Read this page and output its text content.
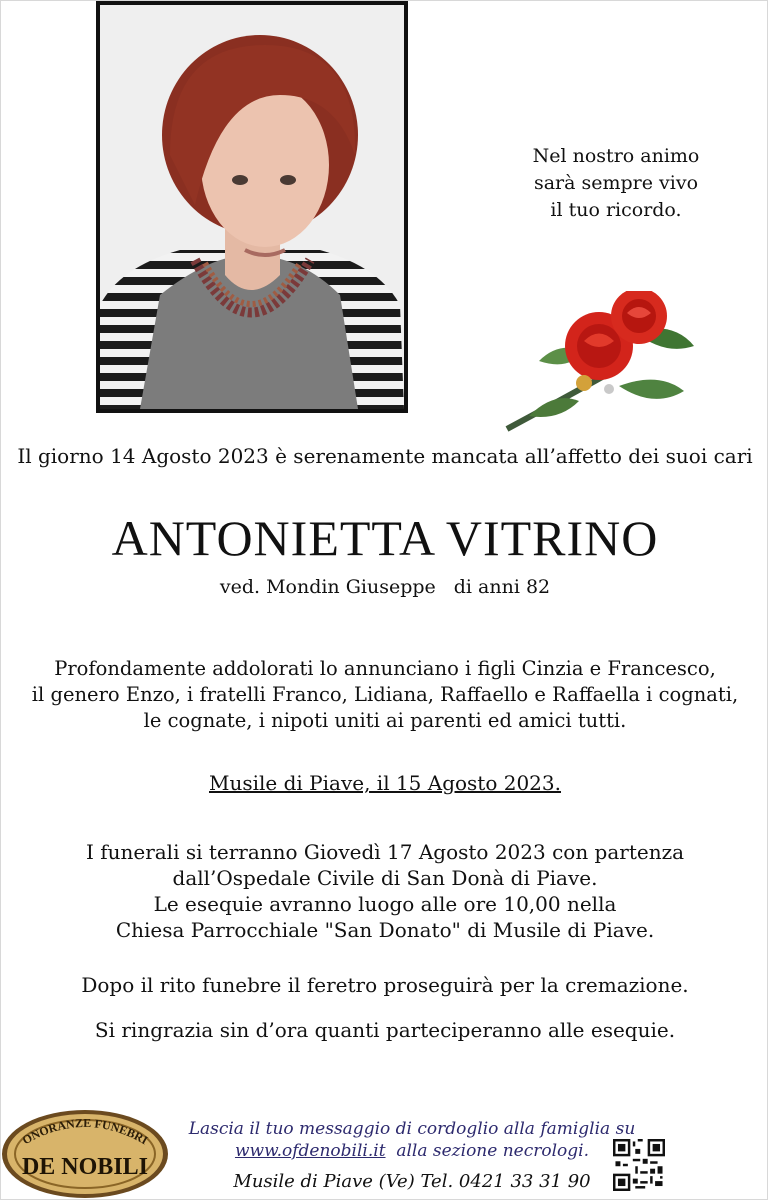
Nel nostro animo
sarà sempre vivo
il tuo ricordo.
Il giorno 14 Agosto 2023 è serenamente mancata all’affetto dei suoi cari
ANTONIETTA VITRINO
ved. Mondin Giuseppe di anni 82
Profondamente addolorati lo annunciano i figli Cinzia e Francesco,
il genero Enzo, i fratelli Franco, Lidiana, Raffaello e Raffaella i cognati,
le cognate, i nipoti uniti ai parenti ed amici tutti.
Musile di Piave, il 15 Agosto 2023.
I funerali si terranno Giovedì 17 Agosto 2023 con partenza
dall’Ospedale Civile di San Donà di Piave.
Le esequie avranno luogo alle ore 10,00 nella
Chiesa Parrocchiale "San Donato" di Musile di Piave.
Dopo il rito funebre il feretro proseguirà per la cremazione.
Si ringrazia sin d’ora quanti parteciperanno alle esequie.
ONORANZE FUNEBRI
DE NOBILI
Lascia il tuo messaggio di cordoglio alla famiglia su
www.ofdenobili.it alla sezione necrologi.
Musile di Piave (Ve) Tel. 0421 33 31 90
